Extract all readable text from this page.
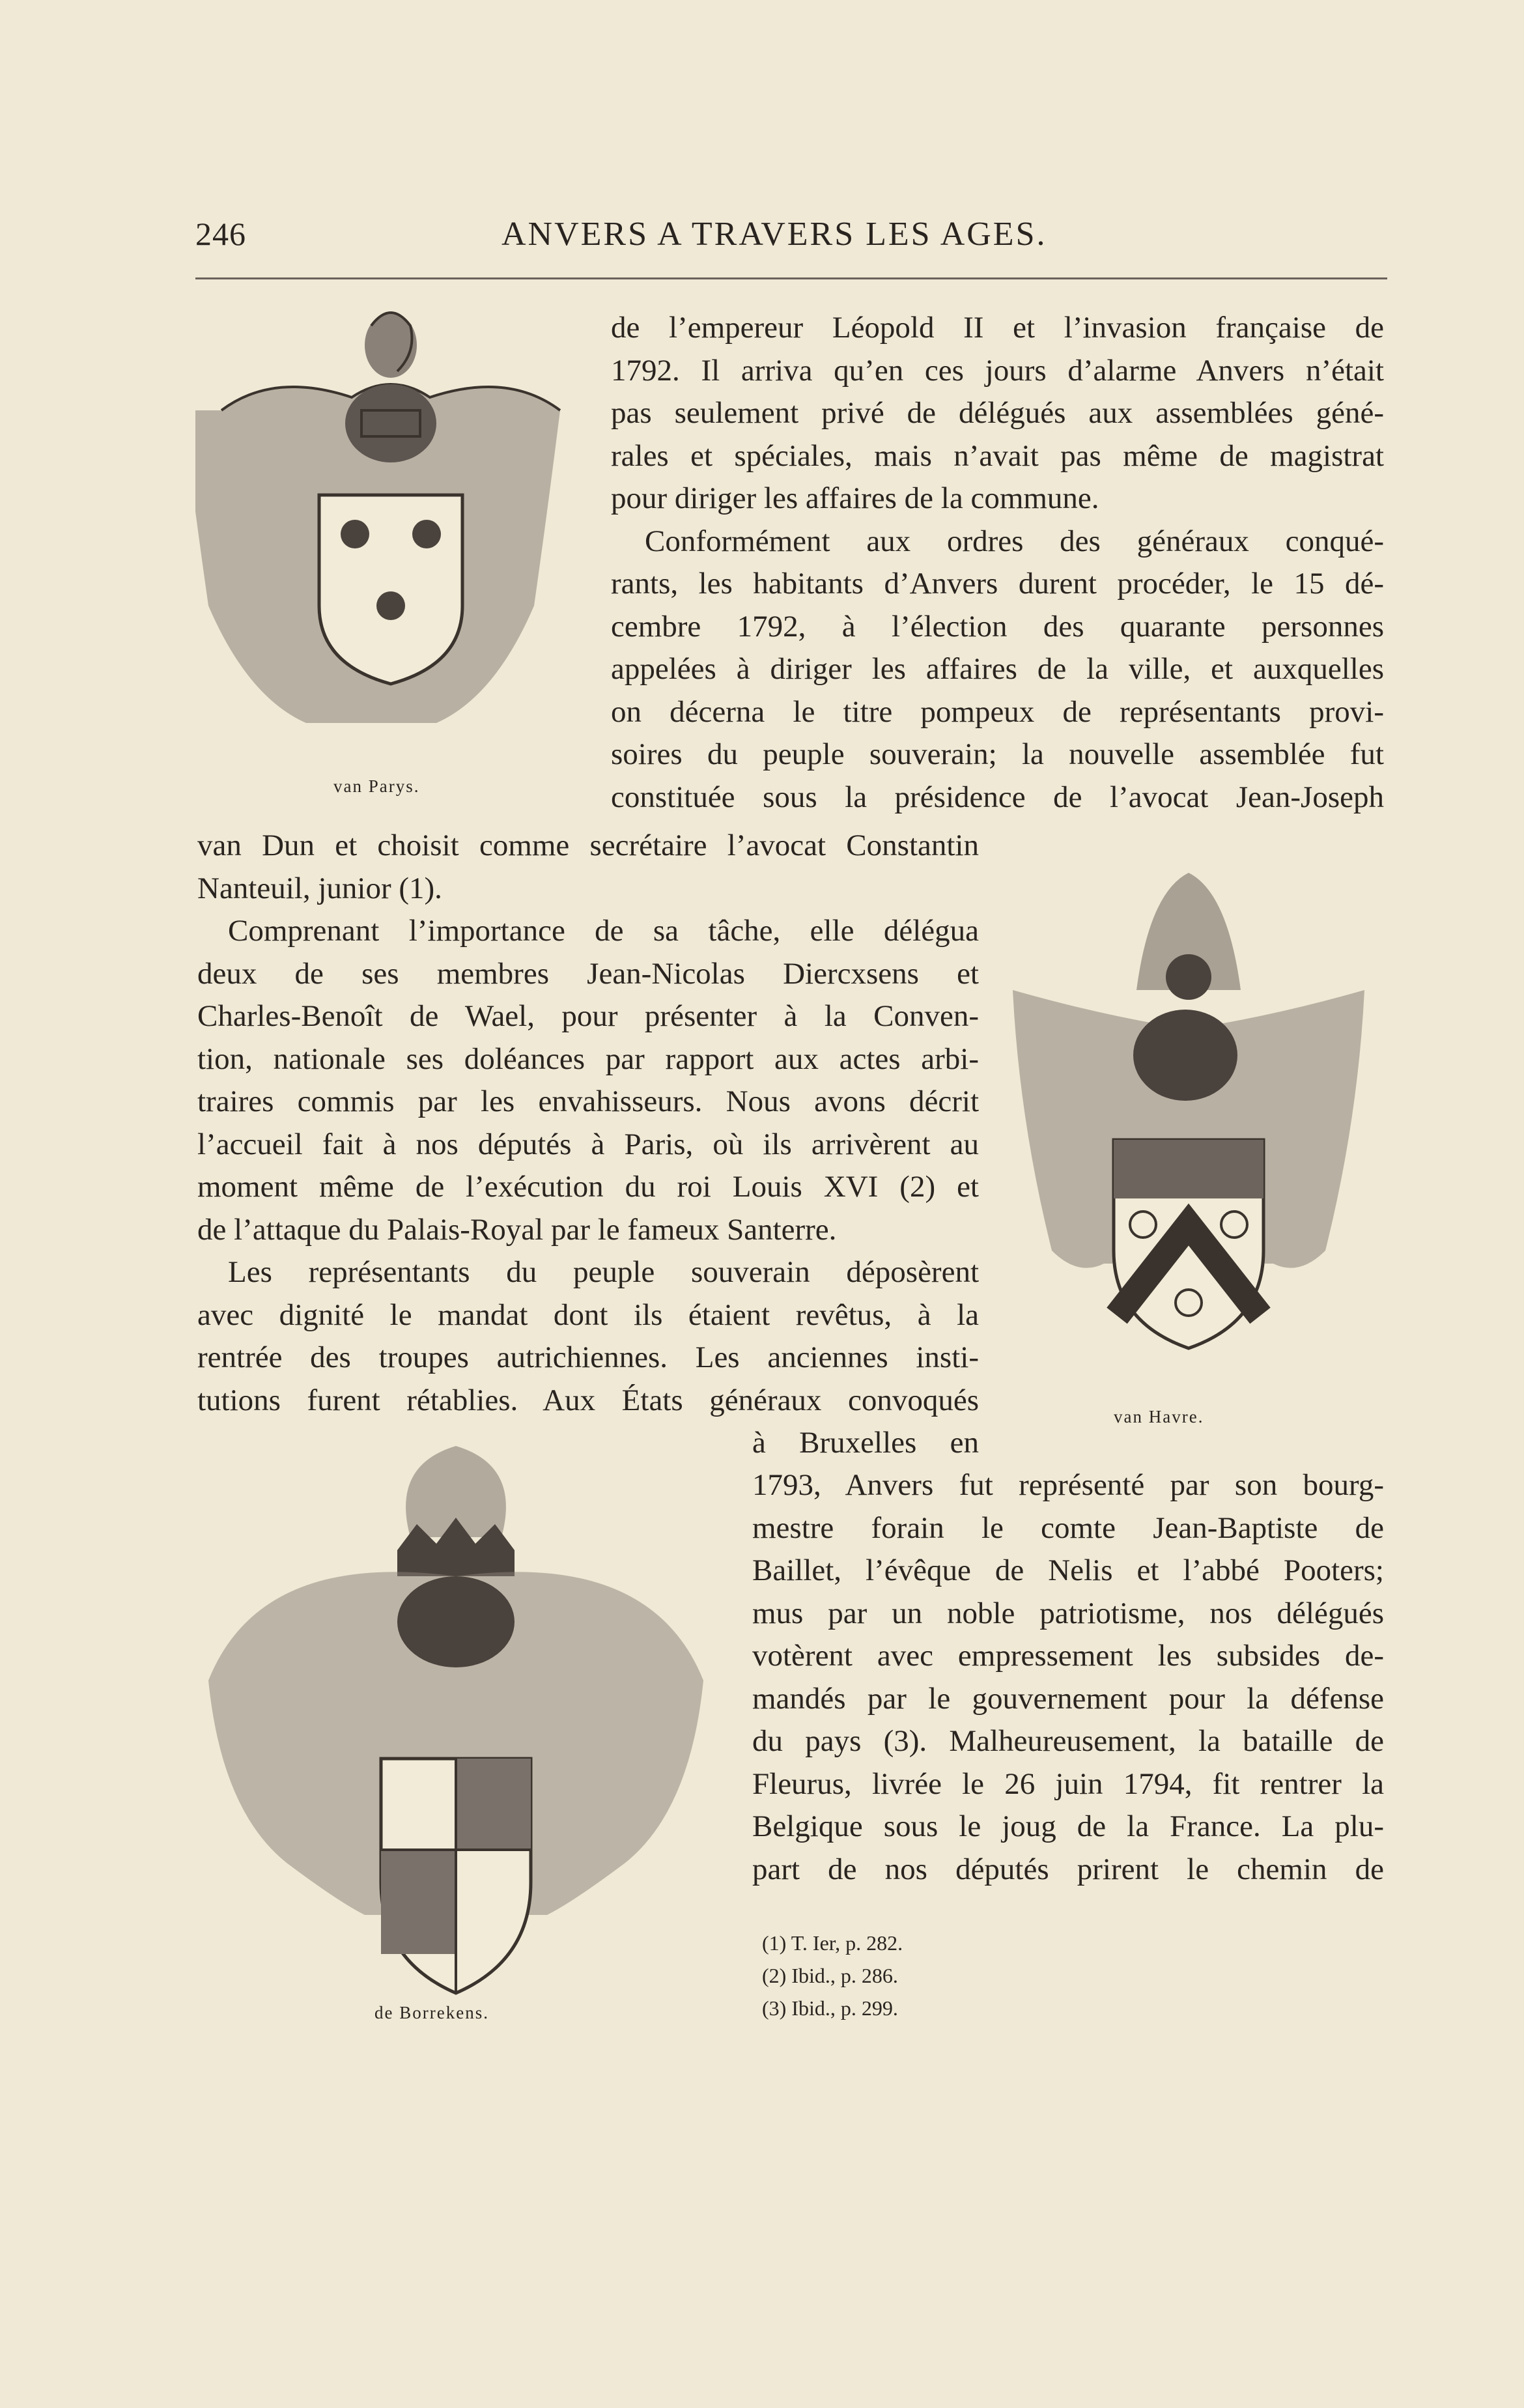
246	ANVERS A TRAVERS LES AGES.
van Parys.
van Havre.
de Borrekens.
de l’empereur Léopold II et l’invasion française de
1792. Il arriva qu’en ces jours d’alarme Anvers n’était
pas seulement privé de délégués aux assemblées géné-
rales et spéciales, mais n’avait pas même de magistrat
pour diriger les affaires de la commune.
Conformément aux ordres des généraux conqué-
rants, les habitants d’Anvers durent procéder, le 15 dé-
cembre 1792, à l’élection des quarante personnes
appelées à diriger les affaires de la ville, et auxquelles
on décerna le titre pompeux de représentants provi-
soires du peuple souverain; la nouvelle assemblée fut
constituée sous la présidence de l’avocat Jean-Joseph
van Dun et choisit comme secrétaire l’avocat Constantin
Nanteuil, junior (1).
Comprenant l’importance de sa tâche, elle délégua
deux de ses membres Jean-Nicolas Diercxsens et
Charles-Benoît de Wael, pour présenter à la Conven-
tion, nationale ses doléances par rapport aux actes arbi-
traires commis par les envahisseurs. Nous avons décrit
l’accueil fait à nos députés à Paris, où ils arrivèrent au
moment même de l’exécution du roi Louis XVI (2) et
de l’attaque du Palais-Royal par le fameux Santerre.
Les représentants du peuple souverain déposèrent
avec dignité le mandat dont ils étaient revêtus, à la
rentrée des troupes autrichiennes. Les anciennes insti-
tutions furent rétablies. Aux États généraux convoqués
à Bruxelles en
1793, Anvers fut représenté par son bourg-
mestre forain le comte Jean-Baptiste de
Baillet, l’évêque de Nelis et l’abbé Pooters;
mus par un noble patriotisme, nos délégués
votèrent avec empressement les subsides de-
mandés par le gouvernement pour la défense
du pays (3). Malheureusement, la bataille de
Fleurus, livrée le 26 juin 1794, fit rentrer la
Belgique sous le joug de la France. La plu-
part de nos députés prirent le chemin de
(1) T. Ier, p. 282.
(2) Ibid., p. 286.
(3) Ibid., p. 299.
